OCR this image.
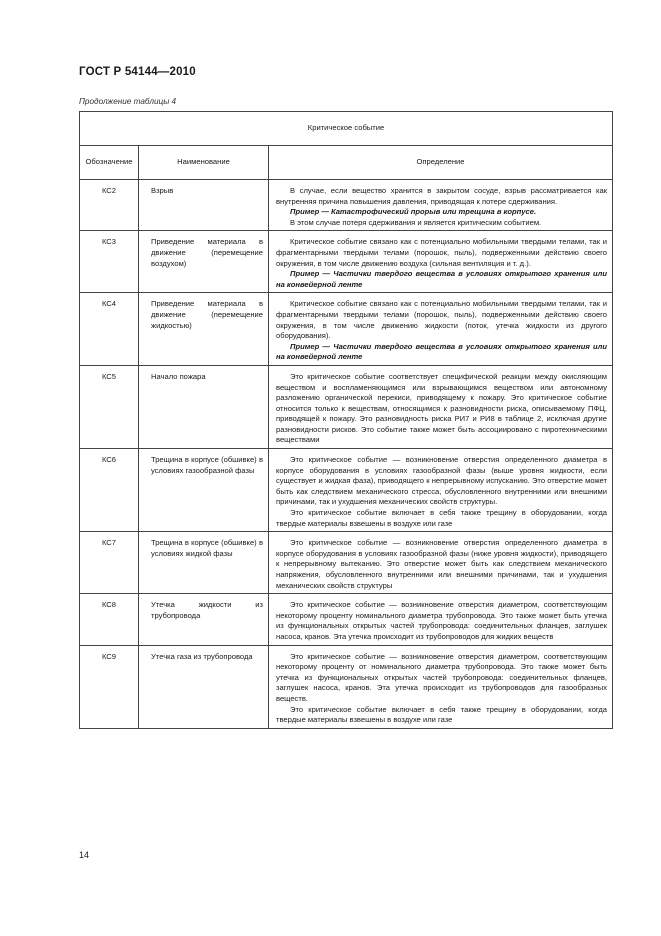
ГОСТ Р 54144—2010
Продолжение таблицы 4
Критическое событие		
Обозначение	Наименование	Определение
КС2	Взрыв	В случае, если вещество хранится в закрытом сосуде, взрыв рассматривается как внутренняя причина повышения давления, приводящая к потере сдерживания.

Пример — Катастрофический прорыв или трещина в корпусе.

В этом случае потеря сдерживания и является критическим событием.

КС3	Приведение материала в движение (перемещение воздухом)	Критическое событие связано как с потенциально мобильными твердыми телами, так и фрагментарными твердыми телами (порошок, пыль), подверженными действию своего окружения, в том числе движению воздуха (сильная вентиляция и т. д.).

Пример — Частички твердого вещества в условиях открытого хранения или на конвейерной ленте

КС4	Приведение материала в движение (перемещение жидкостью)	Критическое событие связано как с потенциально мобильными твердыми телами, так и фрагментарными твердыми телами (порошок, пыль), подверженными действию своего окружения, в том числе движению жидкости (поток, утечка жидкости из другого оборудования).

Пример — Частички твердого вещества в условиях открытого хранения или на конвейерной ленте

КС5	Начало пожара	Это критическое событие соответствует специфической реакции между окисляющим веществом и воспламеняющимся или взрывающимся веществом или автономному разложению органической перекиси, приводящему к пожару. Это критическое событие относится только к веществам, относящимся к разновидности риска, описываемому ПФЦ, приводящей к пожару. Это разновидность риска РИ7 и РИ8 в таблице 2, исключая другие разновидности рисков. Это событие также может быть ассоциировано с пиротехническими веществами

КС6	Трещина в корпусе (обшивке) в условиях газообразной фазы	Это критическое событие — возникновение отверстия определенного диаметра в корпусе оборудования в условиях газообразной фазы (выше уровня жидкости, если существует и жидкая фаза), приводящего к непрерывному испусканию. Это отверстие может быть как следствием механического стресса, обусловленного внутренними или внешними причинами, так и ухудшения механических свойств структуры.

Это критическое событие включает в себя также трещину в оборудовании, когда твердые материалы взвешены в воздухе или газе

КС7	Трещина в корпусе (обшивке) в условиях жидкой фазы	Это критическое событие — возникновение отверстия определенного диаметра в корпусе оборудования в условиях газообразной фазы (ниже уровня жидкости), приводящего к непрерывному вытеканию. Это отверстие может быть как следствием механического напряжения, обусловленного внутренними или внешними причинами, так и ухудшения механических свойств структуры

КС8	Утечка жидкости из трубопровода	Это критическое событие — возникновение отверстия диаметром, соответствующим некоторому проценту номинального диаметра трубопровода. Это также может быть утечка из функциональных открытых частей трубопровода: соединительных фланцев, заглушек насоса, кранов. Эта утечка происходит из трубопроводов для жидких веществ

КС9	Утечка газа из трубопровода	Это критическое событие — возникновение отверстия диаметром, соответствующим некоторому проценту от номинального диаметра трубопровода. Это также может быть утечка из функциональных открытых частей трубопровода: соединительных фланцев, заглушек насоса, кранов. Эта утечка происходит из трубопроводов для газообразных веществ.

Это критическое событие включает в себя также трещину в оборудовании, когда твердые материалы взвешены в воздухе или газе

14
